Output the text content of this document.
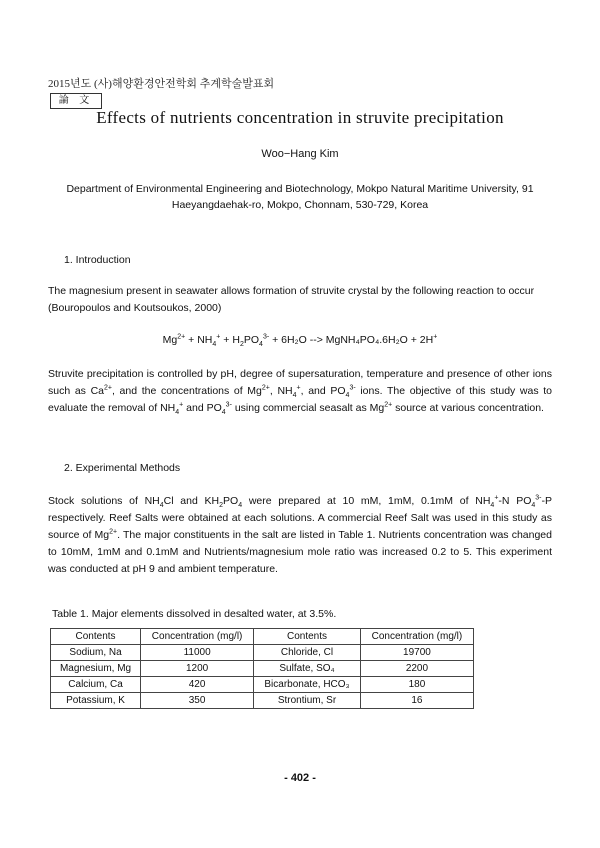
2015년도 (사)해양환경안전학회 추계학술발표회
論 文
Effects of nutrients concentration in struvite precipitation
Woo−Hang Kim
Department of Environmental Engineering and Biotechnology, Mokpo Natural Maritime University, 91
Haeyangdaehak-ro, Mokpo, Chonnam, 530-729, Korea
1. Introduction
The magnesium present in seawater allows formation of struvite crystal by the following reaction to occur
(Bouropoulos and Koutsoukos, 2000)
$Mg^{2+} + NH_4^+ + H_2PO_4^{3-} + 6H_2O$ --> MgNH₄PO₄.6H₂O + 2H+

Struvite precipitation is controlled by pH, degree of supersaturation, temperature and presence of other ions such as $Ca^{2+}$, and the concentrations of $Mg^{2+}$, $NH_4^+$, and $PO_4^{3-}$ ions. The objective of this study was to evaluate the removal of $NH_4^+$ and $PO_4^{3-}$ using commercial seasalt as $Mg^{2+}$ source at various concentration.

2. Experimental Methods

Stock solutions of $NH_4Cl$ and $KH_2PO_4$ were prepared at 10 mM, 1mM, 0.1mM of $NH_4^+-N$ $PO_4^{3-}-P$ respectively. Reef Salts were obtained at each solutions. A commercial Reef Salt was used in this study as source of $Mg^{2+}$. The major constituents in the salt are listed in Table 1. Nutrients concentration was changed to 10mM, 1mM and 0.1mM and Nutrients/magnesium mole ratio was increased 0.2 to 5. This experiment was conducted at pH 9 and ambient temperature.

Table 1. Major elements dissolved in desalted water, at 3.5%.
Contents	Concentration (mg/l)	Contents	Concentration (mg/l)
Sodium, Na	11000	Chloride, Cl	19700
Magnesium, Mg	1200	Sulfate, SO₄	2200
Calcium, Ca	420	Bicarbonate, HCO₃	180
Potassium, K	350	Strontium, Sr	16
- 402 -
